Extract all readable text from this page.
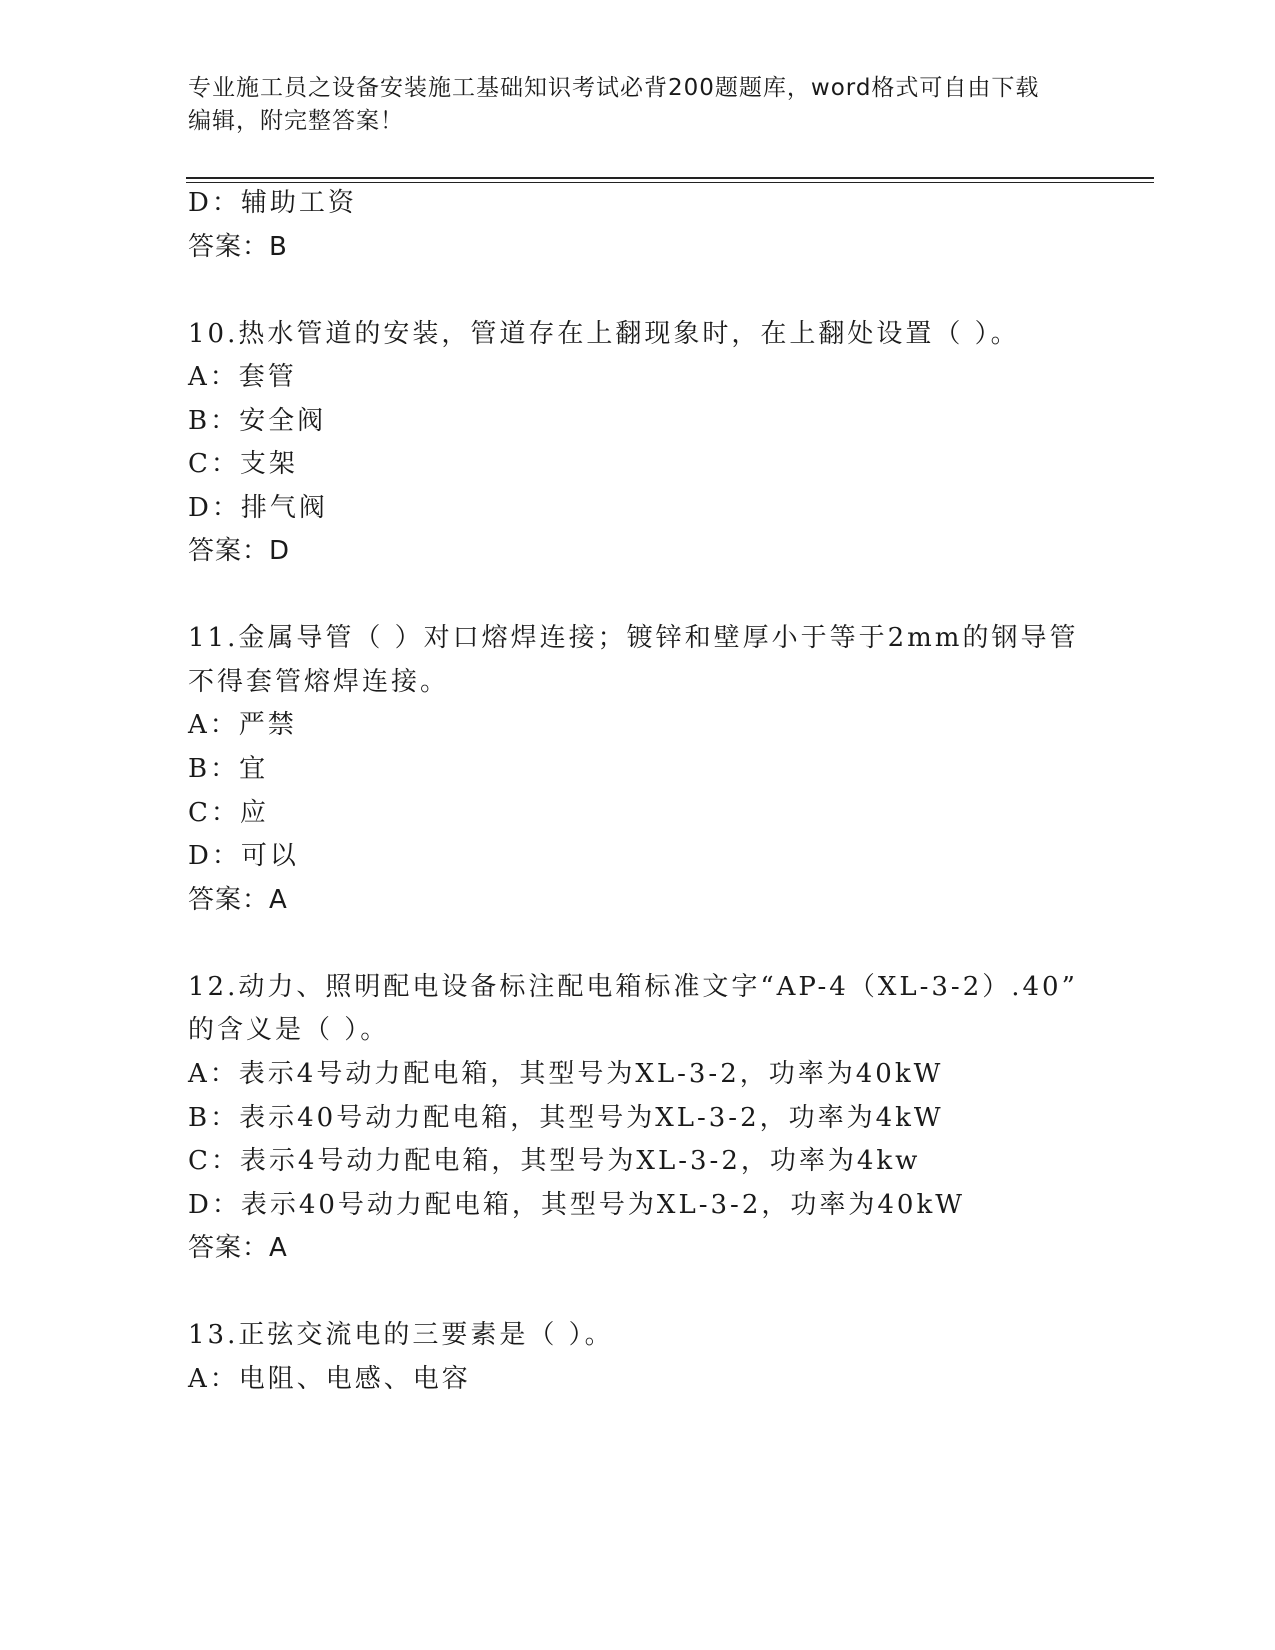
专业施工员之设备安装施工基础知识考试必背200题题库，word格式可自由下载
编辑，附完整答案！
D：辅助工资
答案：B
10.热水管道的安装，管道存在上翻现象时，在上翻处设置（ ）。
A：套管
B：安全阀
C：支架
D：排气阀
答案：D
11.金属导管（ ）对口熔焊连接；镀锌和壁厚小于等于2mm的钢导管
不得套管熔焊连接。
A：严禁
B：宜
C：应
D：可以
答案：A
12.动力、照明配电设备标注配电箱标准文字“AP-4（XL-3-2）.40”
的含义是（ ）。
A：表示4号动力配电箱，其型号为XL-3-2，功率为40kW
B：表示40号动力配电箱，其型号为XL-3-2，功率为4kW
C：表示4号动力配电箱，其型号为XL-3-2，功率为4kw
D：表示40号动力配电箱，其型号为XL-3-2，功率为40kW
答案：A
13.正弦交流电的三要素是（ ）。
A：电阻、电感、电容
